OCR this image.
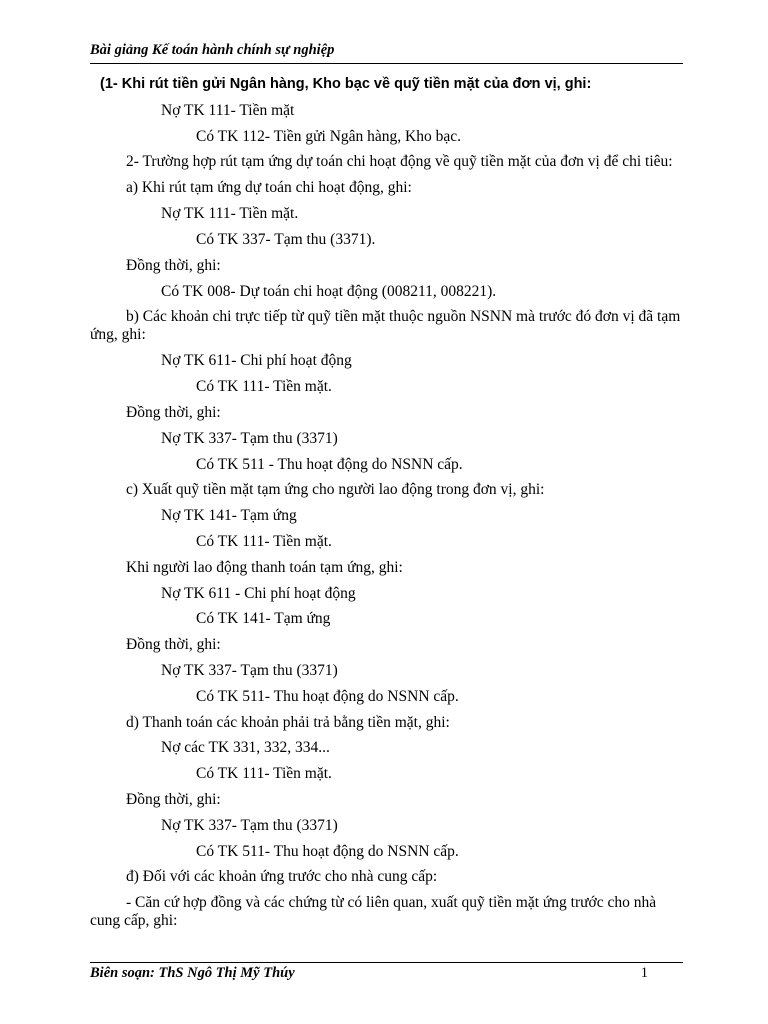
Bài giảng Kế toán hành chính sự nghiệp
(1- Khi rút tiền gửi Ngân hàng, Kho bạc về quỹ tiền mặt của đơn vị, ghi:
Nợ TK 111- Tiền mặt
Có TK 112- Tiền gửi Ngân hàng, Kho bạc.
2- Trường hợp rút tạm ứng dự toán chi hoạt động về quỹ tiền mặt của đơn vị để chi tiêu:
a) Khi rút tạm ứng dự toán chi hoạt động, ghi:
Nợ TK 111- Tiền mặt.
Có TK 337- Tạm thu (3371).
Đồng thời, ghi:
Có TK 008- Dự toán chi hoạt động (008211, 008221).
b) Các khoản chi trực tiếp từ quỹ tiền mặt thuộc nguồn NSNN mà trước đó đơn vị đã tạm ứng, ghi:
Nợ TK 611- Chi phí hoạt động
Có TK 111- Tiền mặt.
Đồng thời, ghi:
Nợ TK 337- Tạm thu (3371)
Có TK 511 - Thu hoạt động do NSNN cấp.
c) Xuất quỹ tiền mặt tạm ứng cho người lao động trong đơn vị, ghi:
Nợ TK 141- Tạm ứng
Có TK 111- Tiền mặt.
Khi người lao động thanh toán tạm ứng, ghi:
Nợ TK 611 - Chi phí hoạt động
Có TK 141- Tạm ứng
Đồng thời, ghi:
Nợ TK 337- Tạm thu (3371)
Có TK 511- Thu hoạt động do NSNN cấp.
d) Thanh toán các khoản phải trả bằng tiền mặt, ghi:
Nợ các TK 331, 332, 334...
Có TK 111- Tiền mặt.
Đồng thời, ghi:
Nợ TK 337- Tạm thu (3371)
Có TK 511- Thu hoạt động do NSNN cấp.
đ) Đối với các khoản ứng trước cho nhà cung cấp:
- Căn cứ hợp đồng và các chứng từ có liên quan, xuất quỹ tiền mặt ứng trước cho nhà cung cấp, ghi:
Biên soạn: ThS Ngô Thị Mỹ Thúy	1
